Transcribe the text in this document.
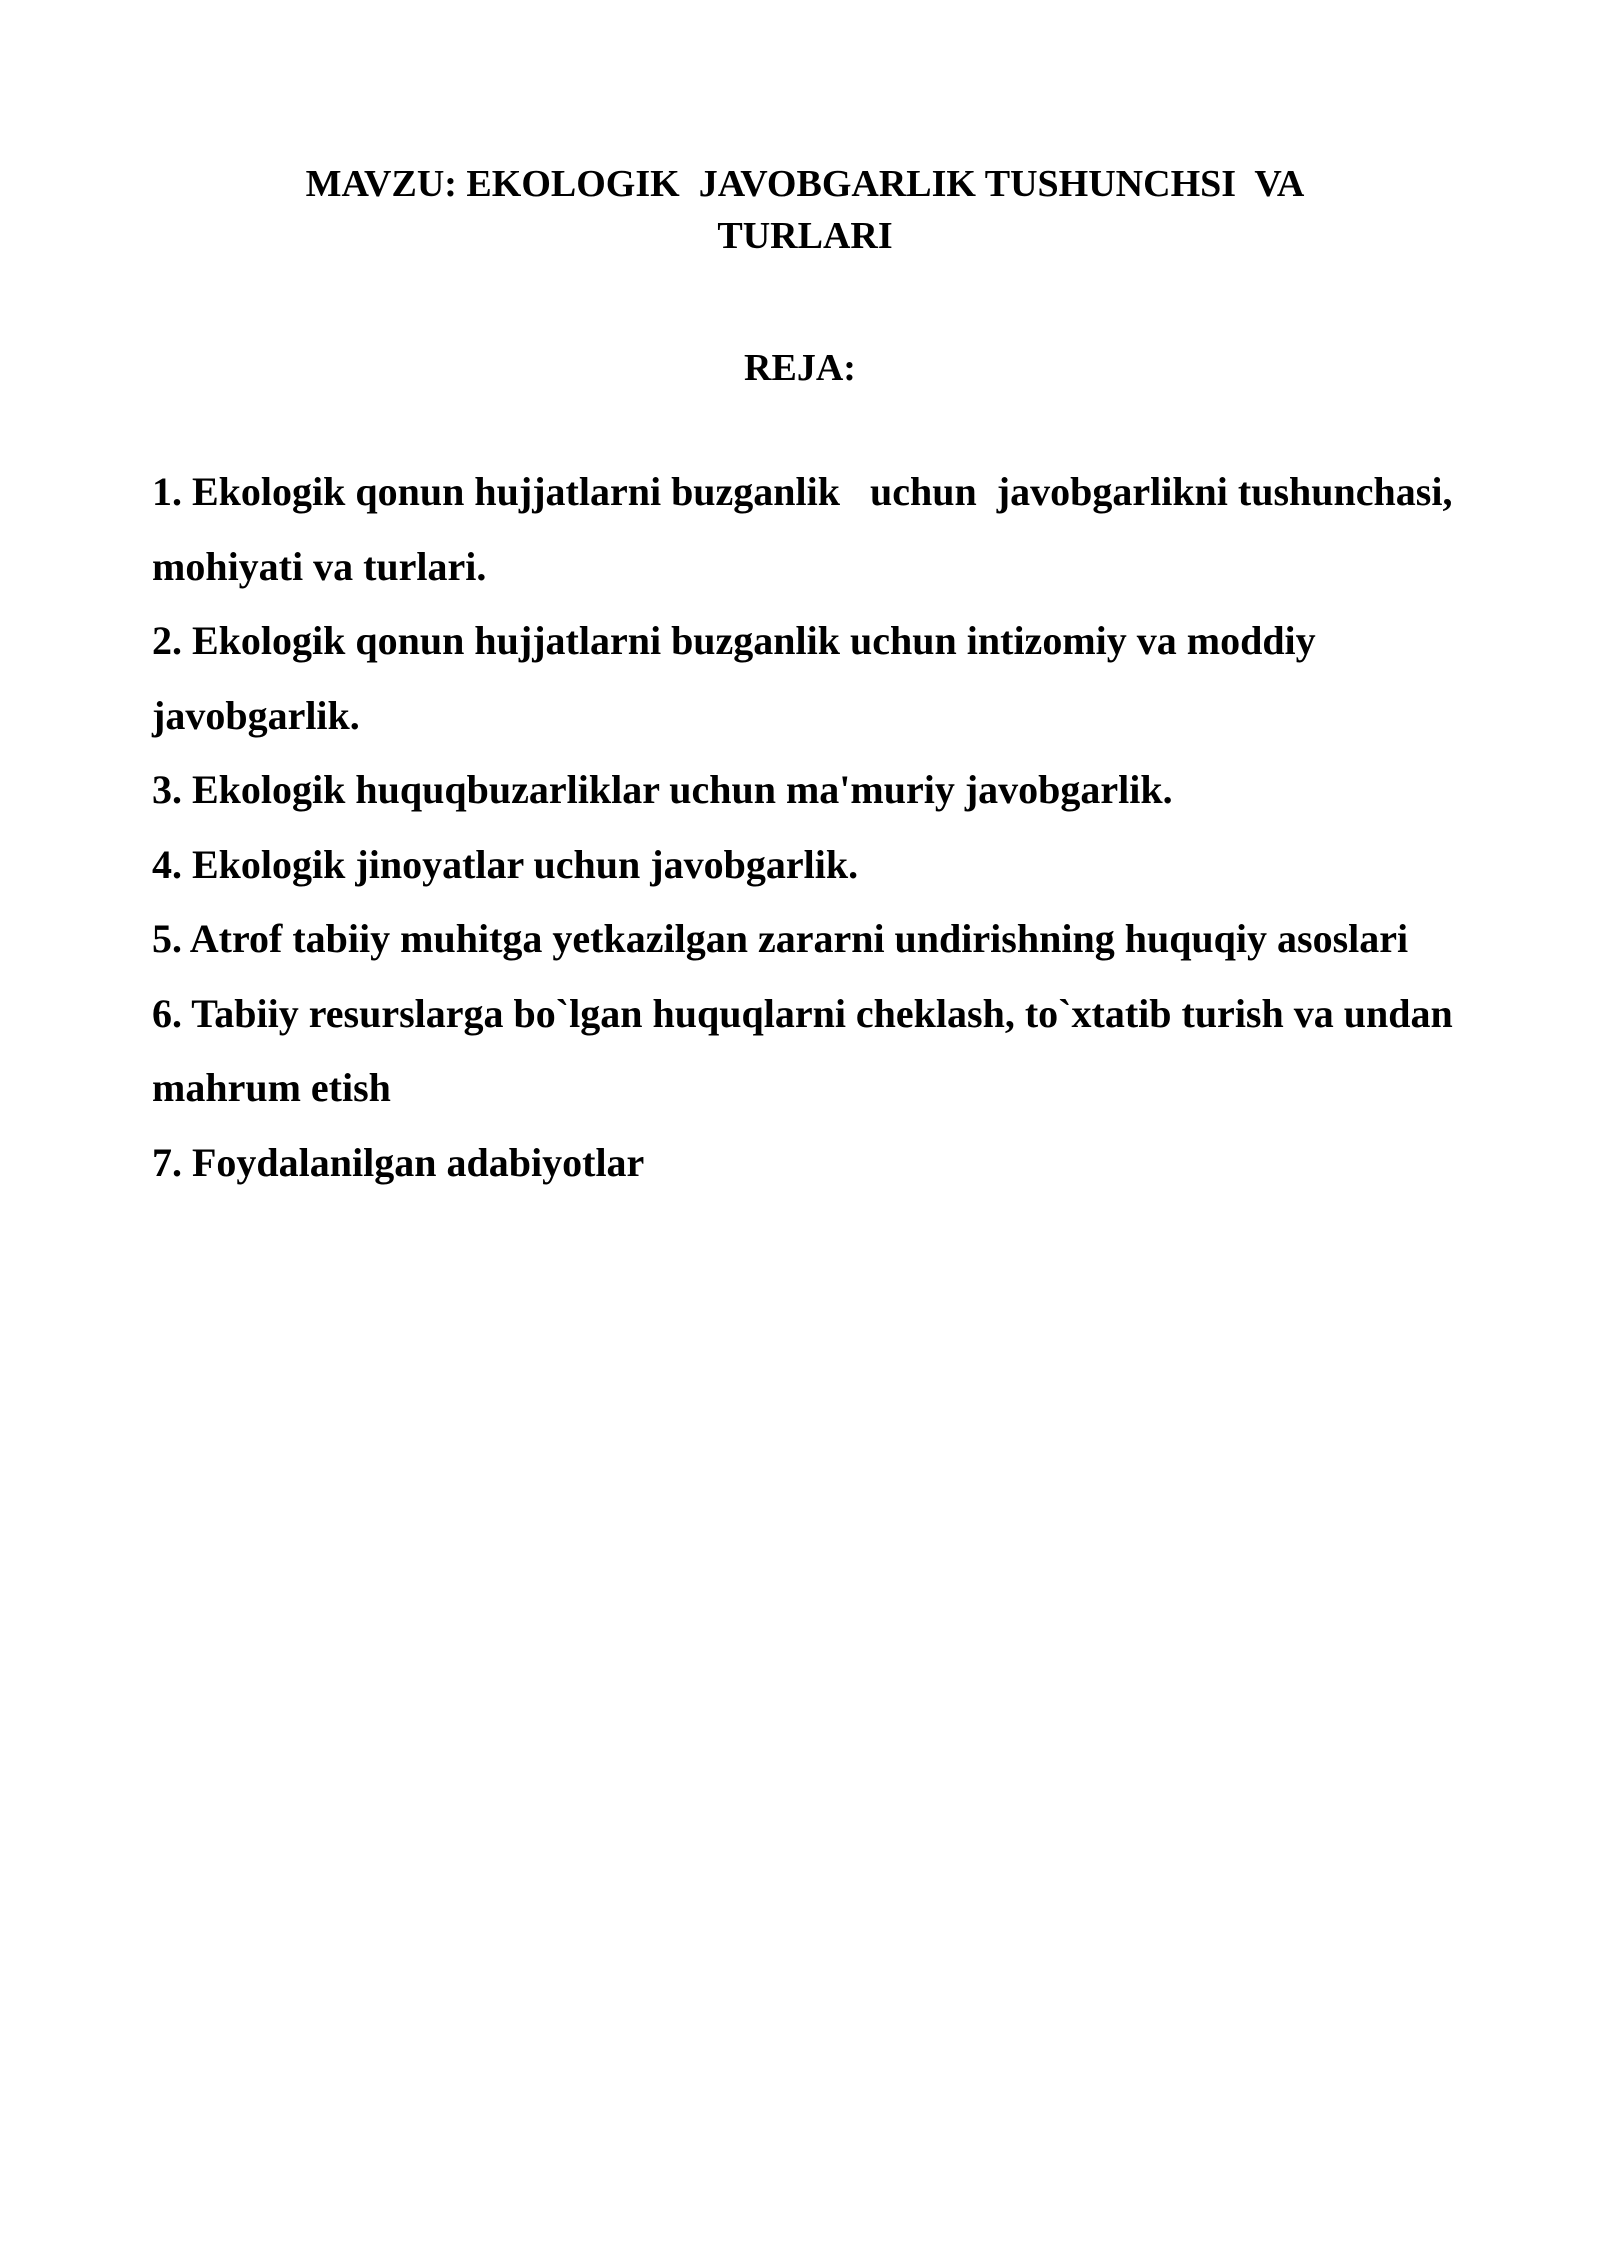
MAVZU: EKOLOGIK  JAVOBGARLIK TUSHUNCHSI  VA TURLARI
REJA:
1. Ekologik qonun hujjatlarni buzganlik   uchun  javobgarlikni tushunchasi, mohiyati va turlari.
2. Ekologik qonun hujjatlarni buzganlik uchun intizomiy va moddiy javobgarlik.
3. Ekologik huquqbuzarliklar uchun ma'muriy javobgarlik.
4. Ekologik jinoyatlar uchun javobgarlik.
5. Atrof tabiiy muhitga yetkazilgan zararni undirishning huquqiy asoslari
6. Tabiiy resurslarga bo`lgan huquqlarni cheklash, to`xtatib turish va undan mahrum etish
7. Foydalanilgan adabiyotlar
